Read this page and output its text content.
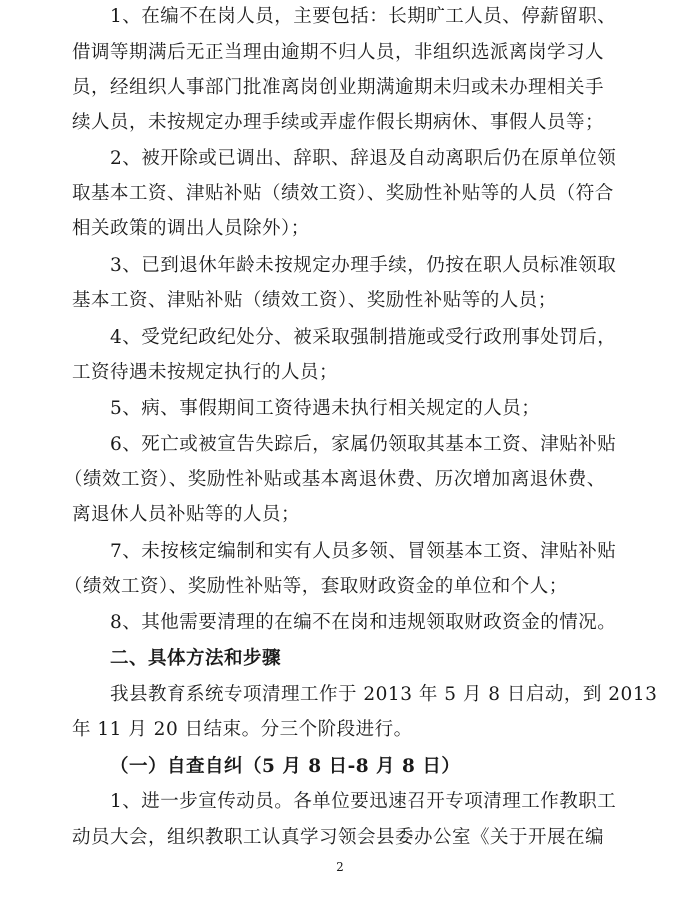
1、在编不在岗人员，主要包括：长期旷工人员、停薪留职、
借调等期满后无正当理由逾期不归人员，非组织选派离岗学习人
员，经组织人事部门批准离岗创业期满逾期未归或未办理相关手
续人员，未按规定办理手续或弄虚作假长期病休、事假人员等；
2、被开除或已调出、辞职、辞退及自动离职后仍在原单位领
取基本工资、津贴补贴（绩效工资）、奖励性补贴等的人员（符合
相关政策的调出人员除外）；
3、已到退休年龄未按规定办理手续，仍按在职人员标准领取
基本工资、津贴补贴（绩效工资）、奖励性补贴等的人员；
4、受党纪政纪处分、被采取强制措施或受行政刑事处罚后，
工资待遇未按规定执行的人员；
5、病、事假期间工资待遇未执行相关规定的人员；
6、死亡或被宣告失踪后，家属仍领取其基本工资、津贴补贴
（绩效工资）、奖励性补贴或基本离退休费、历次增加离退休费、
离退休人员补贴等的人员；
7、未按核定编制和实有人员多领、冒领基本工资、津贴补贴
（绩效工资）、奖励性补贴等，套取财政资金的单位和个人；
8、其他需要清理的在编不在岗和违规领取财政资金的情况。
二、具体方法和步骤
我县教育系统专项清理工作于 2013 年 5 月 8 日启动，到 2013
年 11 月 20 日结束。分三个阶段进行。
（一）自查自纠（5 月 8 日-8 月 8 日）
1、进一步宣传动员。各单位要迅速召开专项清理工作教职工
动员大会，组织教职工认真学习领会县委办公室《关于开展在编
2
